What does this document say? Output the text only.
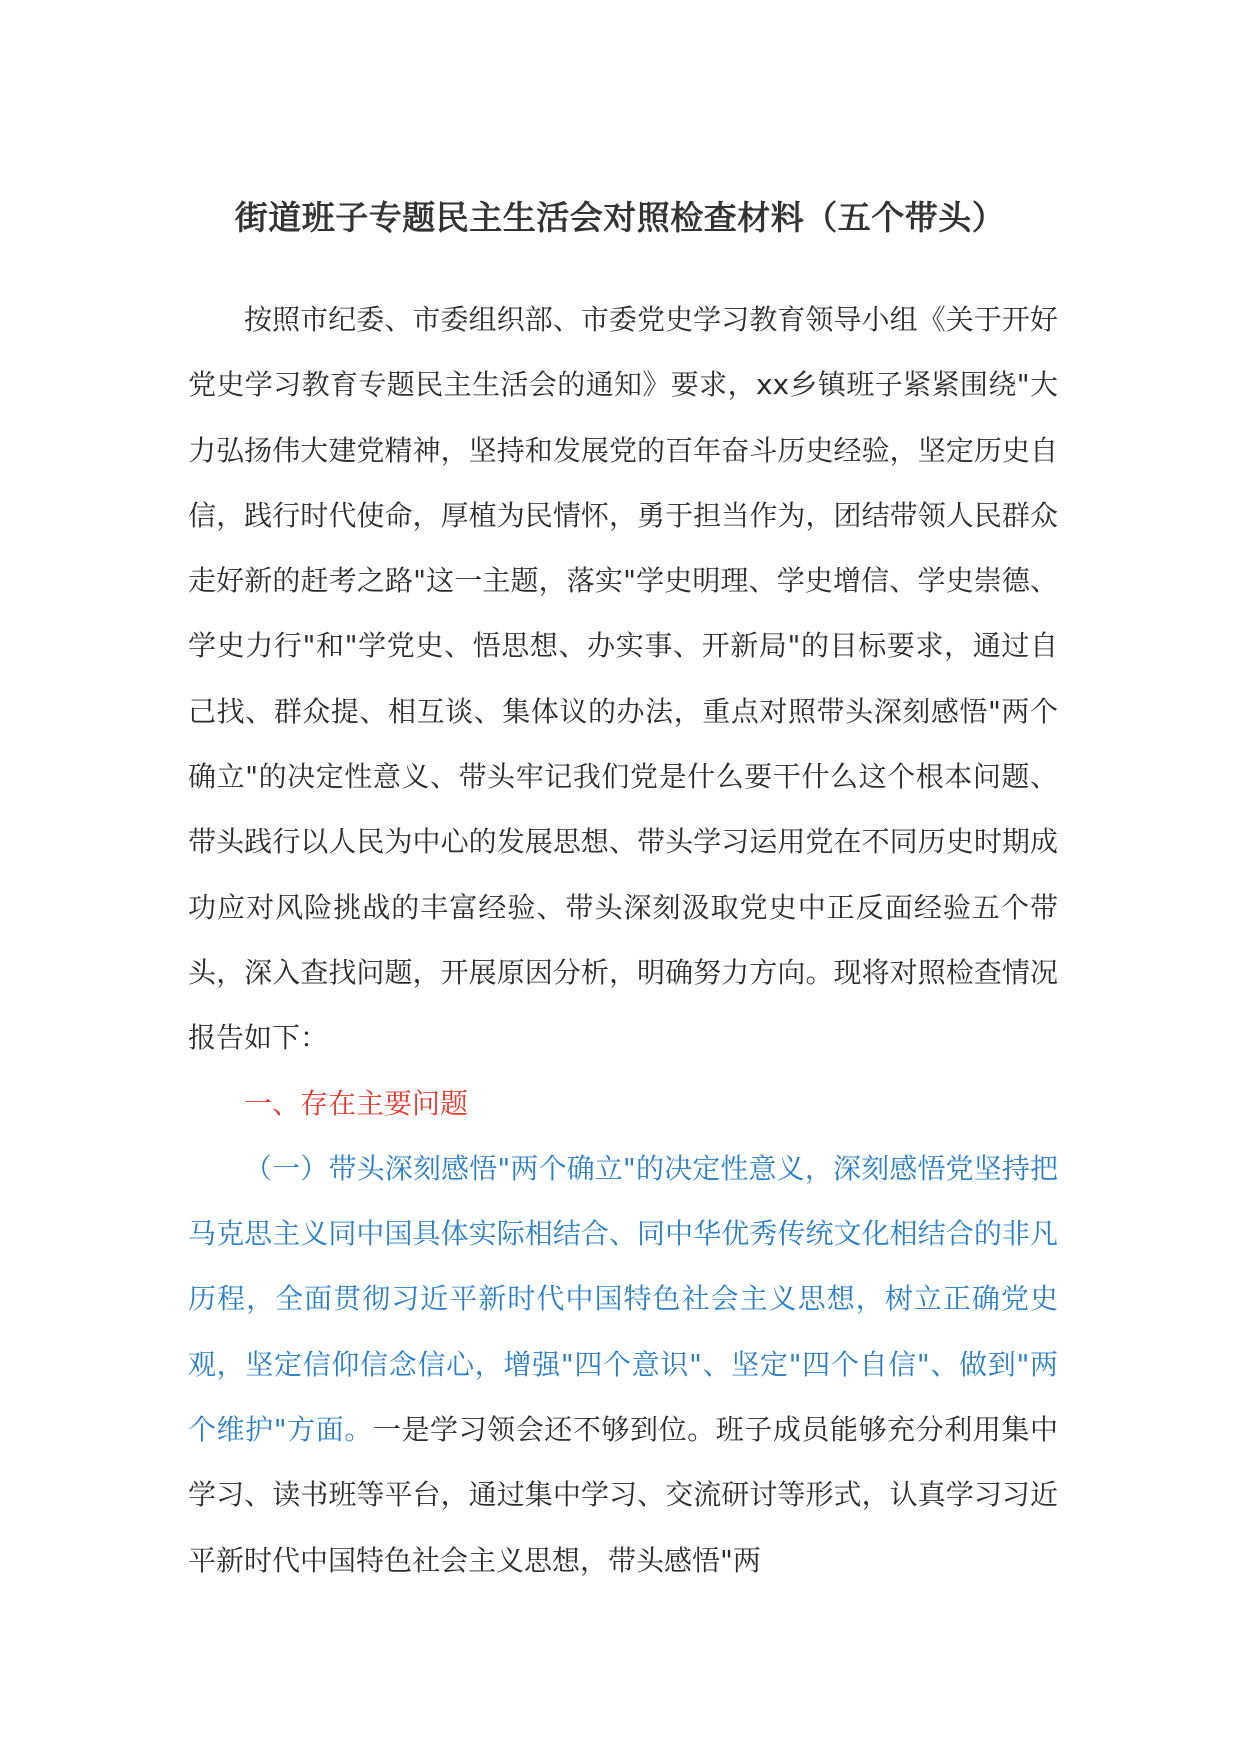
街道班子专题民主生活会对照检查材料（五个带头）

按照市纪委、市委组织部、市委党史学习教育领导小组《关于开好党史学习教育专题民主生活会的通知》要求，xx乡镇班子紧紧围绕"大力弘扬伟大建党精神，坚持和发展党的百年奋斗历史经验，坚定历史自信，践行时代使命，厚植为民情怀，勇于担当作为，团结带领人民群众走好新的赶考之路"这一主题，落实"学史明理、学史增信、学史崇德、学史力行"和"学党史、悟思想、办实事、开新局"的目标要求，通过自己找、群众提、相互谈、集体议的办法，重点对照带头深刻感悟"两个确立"的决定性意义、带头牢记我们党是什么要干什么这个根本问题、带头践行以人民为中心的发展思想、带头学习运用党在不同历史时期成功应对风险挑战的丰富经验、带头深刻汲取党史中正反面经验五个带头，深入查找问题，开展原因分析，明确努力方向。现将对照检查情况报告如下：

一、存在主要问题

（一）带头深刻感悟"两个确立"的决定性意义，深刻感悟党坚持把马克思主义同中国具体实际相结合、同中华优秀传统文化相结合的非凡历程，全面贯彻习近平新时代中国特色社会主义思想，树立正确党史观，坚定信仰信念信心，增强"四个意识"、坚定"四个自信"、做到"两个维护"方面。一是学习领会还不够到位。班子成员能够充分利用集中学习、读书班等平台，通过集中学习、交流研讨等形式，认真学习习近平新时代中国特色社会主义思想，带头感悟"两
